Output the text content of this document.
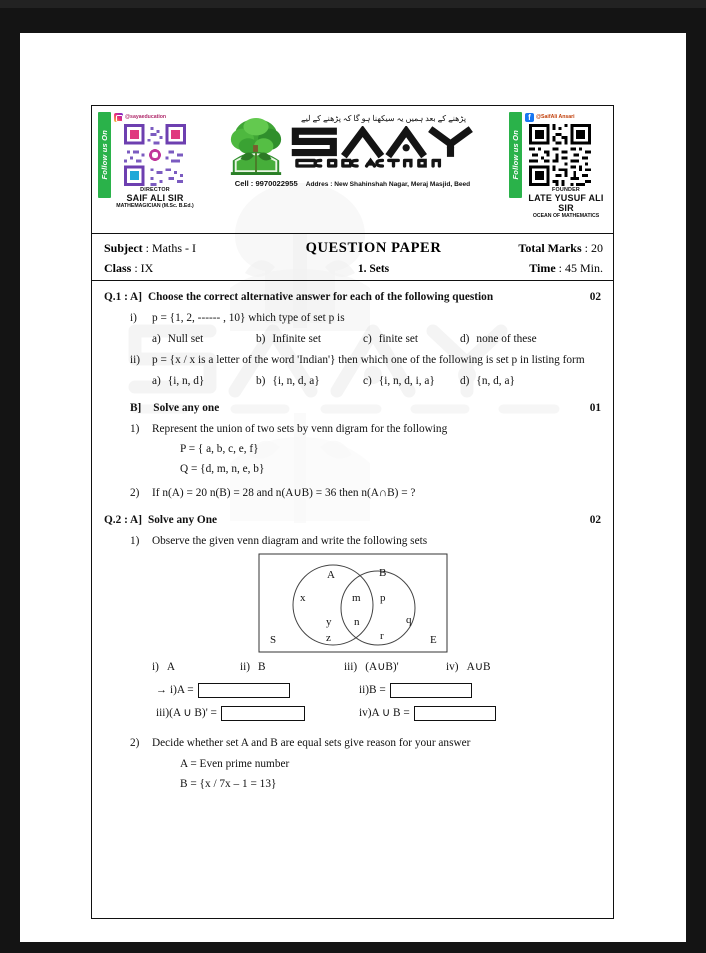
Follow us On
@sayaeducation
DIRECTOR
SAIF ALI SIR
MATHEMAGICIAN (M.Sc. B.Ed.)
پڑھنے کے بعد ہمیں یہ سیکھنا ہو گا کہ پڑھنے کے لیے
Cell : 9970022955 Addres : New Shahinshah Nagar, Meraj Masjid, Beed
f @SaifAli Ansari
FOUNDER
LATE YUSUF ALI SIR
OCEAN OF MATHEMATICS
Follow us On
Subject : Maths - I	QUESTION PAPER	Total Marks : 20
Class : IX	1. Sets	Time : 45 Min.
Q.1 : A] Choose the correct alternative answer for each of the following question	02
i)	p = {1, 2, ------ , 10} which type of set p is
a) Null set	b) Infinite set	c) finite set	d) none of these
ii)	p = {x / x is a letter of the word 'Indian'} then which one of the following is set p in listing form
a) {i, n, d}	b) {i, n, d, a}	c) {i, n, d, i, a} d) {n, d, a}
B] Solve any one	01
1)	Represent the union of two sets by venn digram for the following
P = { a, b, c, e, f}
Q = {d, m, n, e, b}
2)	If n(A) = 20 n(B) = 28 and n(A∪B) = 36 then n(A∩B) = ?
Q.2 : A] Solve any One	02
1)	Observe the given venn diagram and write the following sets
A	B
x
y
z
m
n
p
q
r
S	E
i) A	ii) B	iii) (A∪B)'	iv) A∪B
→ i)A =	ii)B =
iii)(A ∪ B)' =	iv)A ∪ B =
2)	Decide whether set A and B are equal sets give reason for your answer
A = Even prime number
B = {x / 7x – 1 = 13}
